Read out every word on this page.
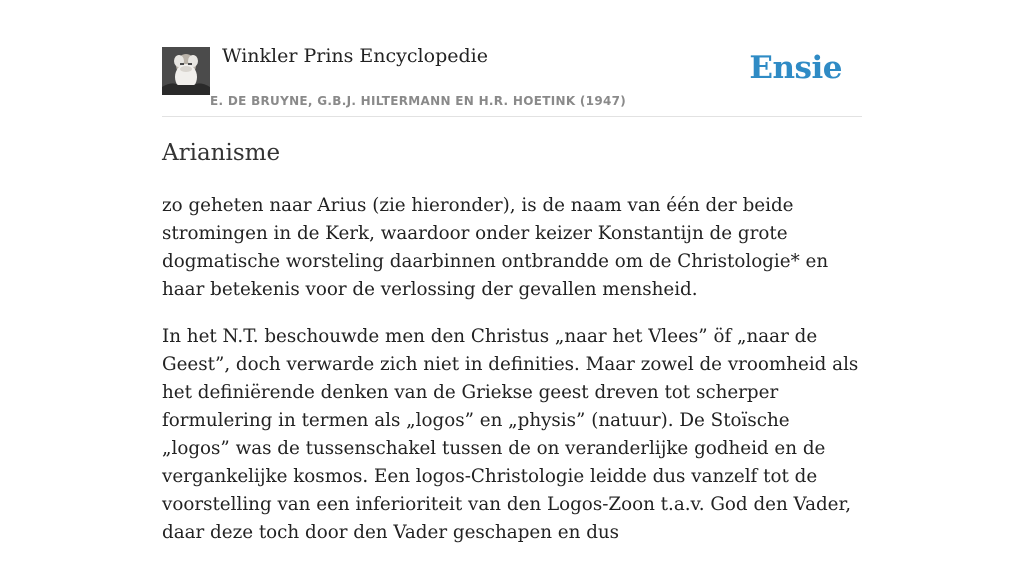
Winkler Prins Encyclopedie
E. DE BRUYNE, G.B.J. HILTERMANN EN H.R. HOETINK (1947)
Ensie
Arianisme

zo geheten naar Arius (zie hieronder), is de naam van één der beide stromingen in de Kerk, waardoor onder keizer Konstantijn de grote dogmatische worsteling daarbinnen ontbrandde om de Christologie* en haar betekenis voor de verlossing der gevallen mensheid.

In het N.T. beschouwde men den Christus „naar het Vlees” öf „naar de Geest”, doch verwarde zich niet in definities. Maar zowel de vroomheid als het definiërende denken van de Griekse geest dreven tot scherper formulering in termen als „logos” en „physis” (natuur). De Stoïsche „logos” was de tussenschakel tussen de on veranderlijke godheid en de vergankelijke kosmos. Een logos-Christologie leidde dus vanzelf tot de voorstelling van een inferioriteit van den Logos-Zoon t.a.v. God den Vader, daar deze toch door den Vader geschapen en dus
